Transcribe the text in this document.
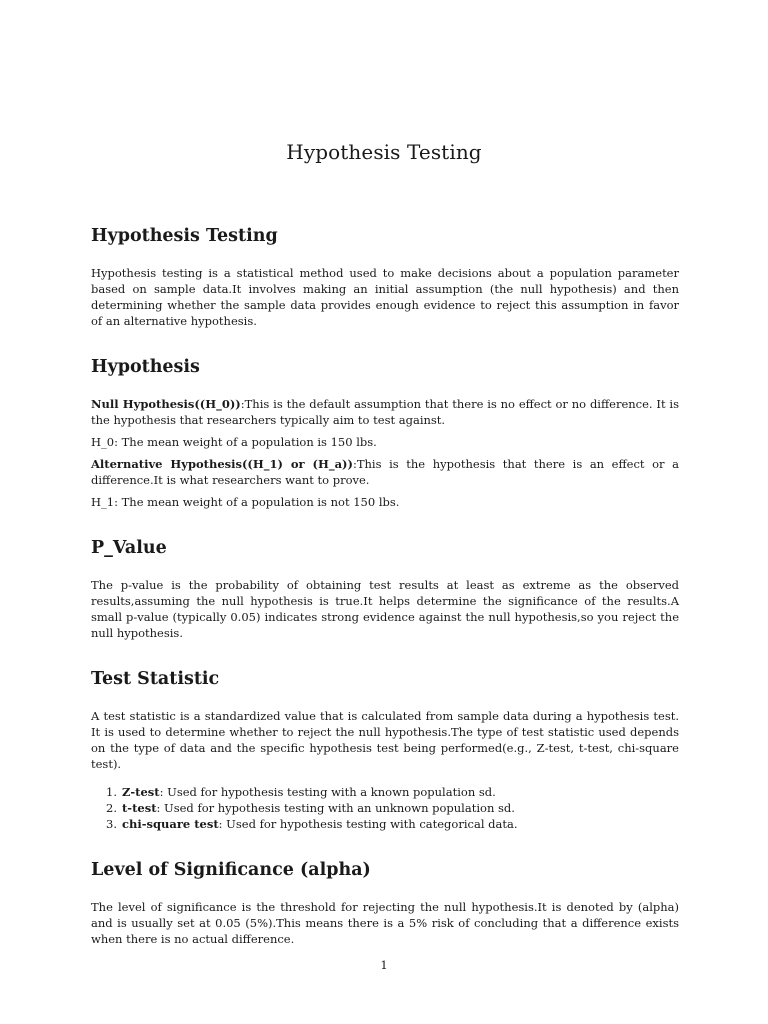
Hypothesis Testing
Hypothesis Testing

Hypothesis testing is a statistical method used to make decisions about a population parameter based on sample data.It involves making an initial assumption (the null hypothesis) and then determining whether the sample data provides enough evidence to reject this assumption in favor of an alternative hypothesis.

Hypothesis

Null Hypothesis((H_0)):This is the default assumption that there is no effect or no difference. It is the hypothesis that researchers typically aim to test against.

H_0: The mean weight of a population is 150 lbs.

Alternative Hypothesis((H_1) or (H_a)):This is the hypothesis that there is an effect or a difference.It is what researchers want to prove.

H_1: The mean weight of a population is not 150 lbs.

P_Value

The p-value is the probability of obtaining test results at least as extreme as the observed results,assuming the null hypothesis is true.It helps determine the significance of the results.A small p-value (typically 0.05) indicates strong evidence against the null hypothesis,so you reject the null hypothesis.

Test Statistic

A test statistic is a standardized value that is calculated from sample data during a hypothesis test. It is used to determine whether to reject the null hypothesis.The type of test statistic used depends on the type of data and the specific hypothesis test being performed(e.g., Z-test, t-test, chi-square test).

1. Z-test: Used for hypothesis testing with a known population sd.
2. t-test: Used for hypothesis testing with an unknown population sd.
3. chi-square test: Used for hypothesis testing with categorical data.
Level of Significance (alpha)

The level of significance is the threshold for rejecting the null hypothesis.It is denoted by (alpha) and is usually set at 0.05 (5%).This means there is a 5% risk of concluding that a difference exists when there is no actual difference.

1
